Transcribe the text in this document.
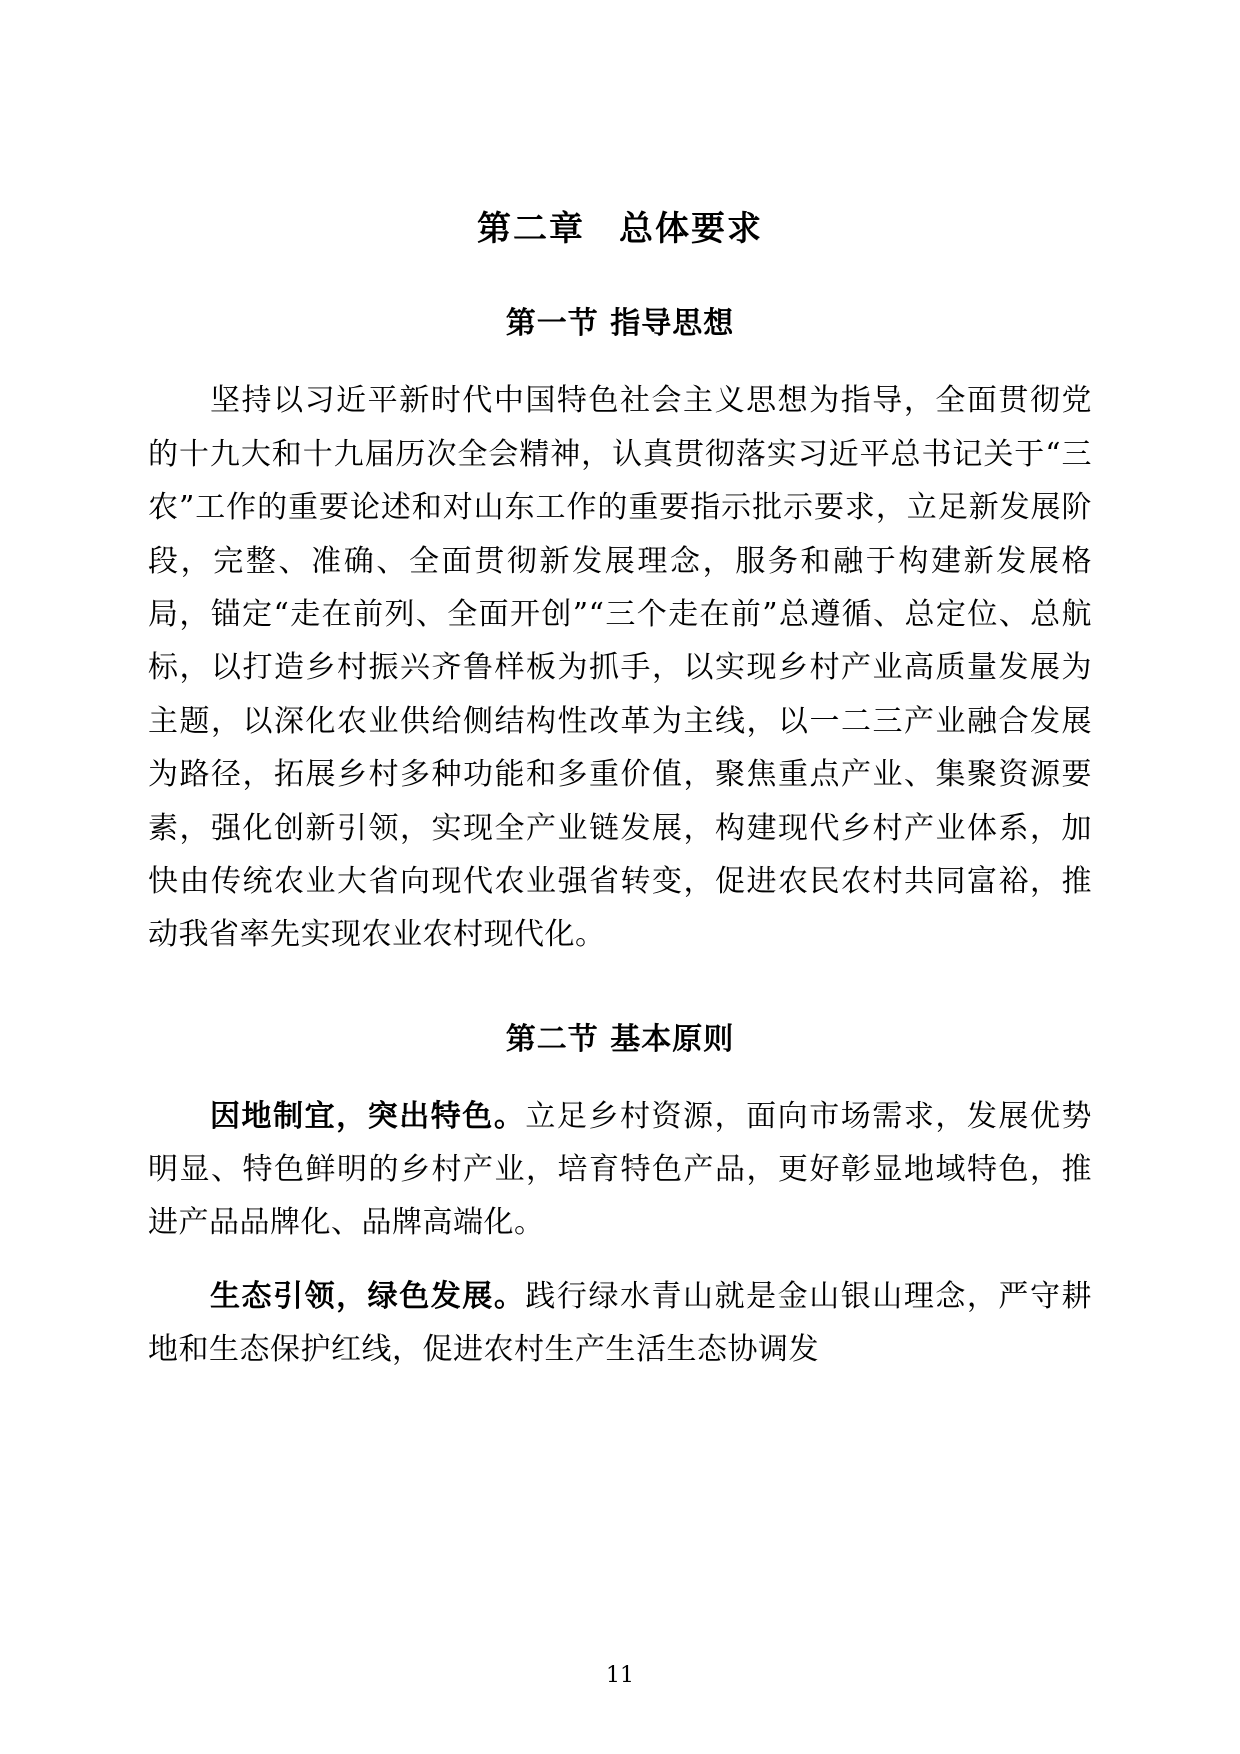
第二章 总体要求
第一节 指导思想

坚持以习近平新时代中国特色社会主义思想为指导，全面贯彻党的十九大和十九届历次全会精神，认真贯彻落实习近平总书记关于“三农”工作的重要论述和对山东工作的重要指示批示要求，立足新发展阶段，完整、准确、全面贯彻新发展理念，服务和融于构建新发展格局，锚定“走在前列、全面开创”“三个走在前”总遵循、总定位、总航标，以打造乡村振兴齐鲁样板为抓手，以实现乡村产业高质量发展为主题，以深化农业供给侧结构性改革为主线，以一二三产业融合发展为路径，拓展乡村多种功能和多重价值，聚焦重点产业、集聚资源要素，强化创新引领，实现全产业链发展，构建现代乡村产业体系，加快由传统农业大省向现代农业强省转变，促进农民农村共同富裕，推动我省率先实现农业农村现代化。

第二节 基本原则

因地制宜，突出特色。立足乡村资源，面向市场需求，发展优势明显、特色鲜明的乡村产业，培育特色产品，更好彰显地域特色，推进产品品牌化、品牌高端化。

生态引领，绿色发展。践行绿水青山就是金山银山理念，严守耕地和生态保护红线，促进农村生产生活生态协调发

11
